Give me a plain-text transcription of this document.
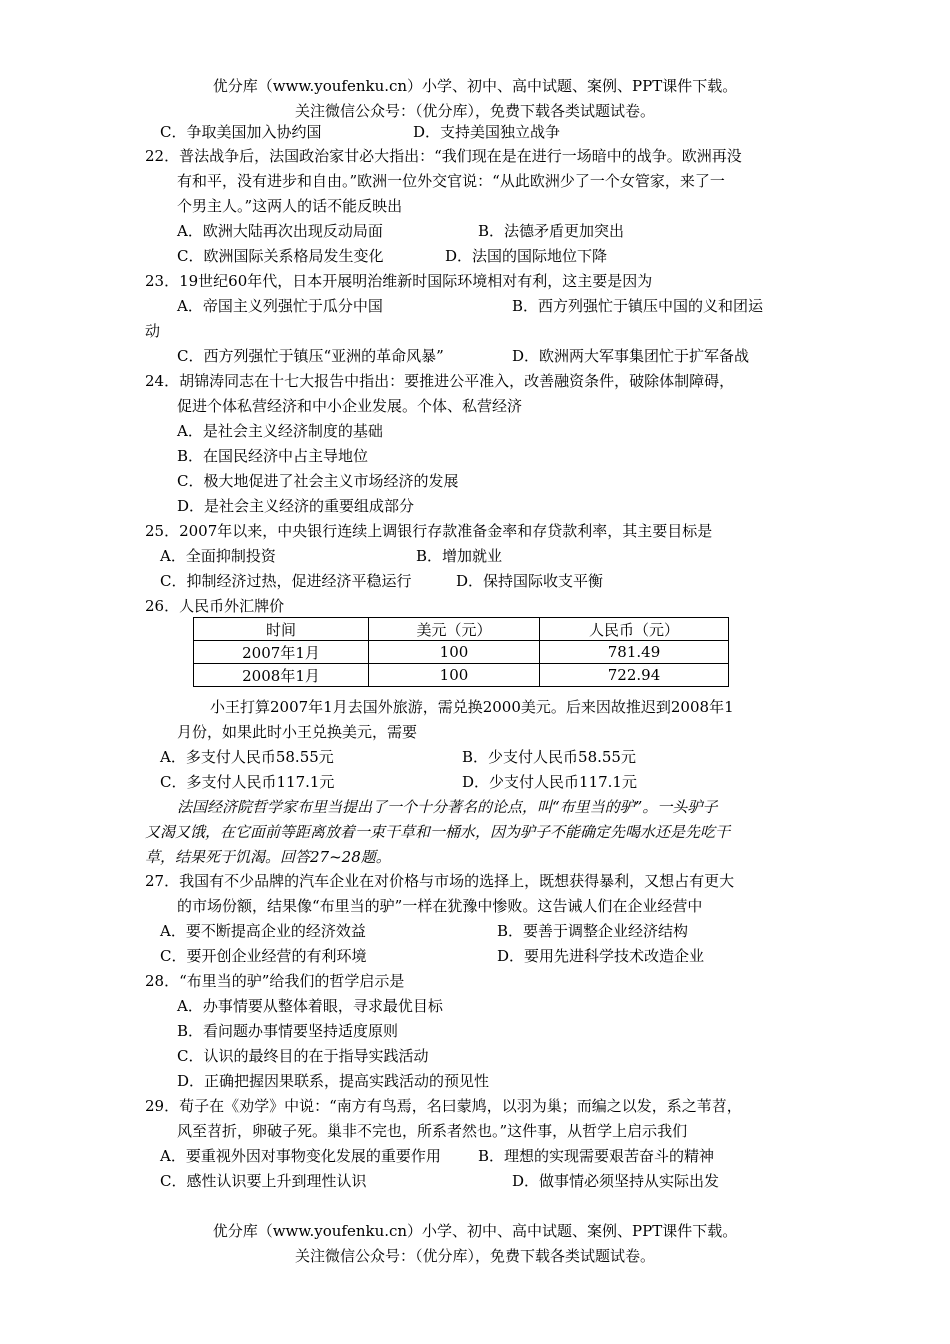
优分库（www.youfenku.cn）小学、初中、高中试题、案例、PPT课件下载。
关注微信公众号：（优分库），免费下载各类试题试卷。
C．争取美国加入协约国	D．支持美国独立战争
22．普法战争后，法国政治家甘必大指出：“我们现在是在进行一场暗中的战争。欧洲再没
有和平，没有进步和自由。”欧洲一位外交官说：“从此欧洲少了一个女管家，来了一
个男主人。”这两人的话不能反映出
A．欧洲大陆再次出现反动局面	B．法德矛盾更加突出
C．欧洲国际关系格局发生变化	D．法国的国际地位下降
23．19世纪60年代，日本开展明治维新时国际环境相对有利，这主要是因为
A．帝国主义列强忙于瓜分中国	B．西方列强忙于镇压中国的义和团运
动
C．西方列强忙于镇压“亚洲的革命风暴”	D．欧洲两大军事集团忙于扩军备战
24．胡锦涛同志在十七大报告中指出：要推进公平准入，改善融资条件，破除体制障碍，
促进个体私营经济和中小企业发展。个体、私营经济
A．是社会主义经济制度的基础
B．在国民经济中占主导地位
C．极大地促进了社会主义市场经济的发展
D．是社会主义经济的重要组成部分
25．2007年以来，中央银行连续上调银行存款准备金率和存贷款利率，其主要目标是
A．全面抑制投资	B．增加就业
C．抑制经济过热，促进经济平稳运行	D．保持国际收支平衡
26．人民币外汇牌价
时间	美元（元）	人民币（元）
2007年1月	100	781.49
2008年1月	100	722.94
小王打算2007年1月去国外旅游，需兑换2000美元。后来因故推迟到2008年1
月份，如果此时小王兑换美元，需要
A．多支付人民币58.55元	B．少支付人民币58.55元
C．多支付人民币117.1元	D．少支付人民币117.1元
法国经济院哲学家布里当提出了一个十分著名的论点，叫“布里当的驴”。一头驴子
又渴又饿，在它面前等距离放着一束干草和一桶水，因为驴子不能确定先喝水还是先吃干
草，结果死于饥渴。回答27~28题。
27．我国有不少品牌的汽车企业在对价格与市场的选择上，既想获得暴利，又想占有更大
的市场份额，结果像“布里当的驴”一样在犹豫中惨败。这告诫人们在企业经营中
A．要不断提高企业的经济效益	B．要善于调整企业经济结构
C．要开创企业经营的有利环境	D．要用先进科学技术改造企业
28．“布里当的驴”给我们的哲学启示是
A．办事情要从整体着眼，寻求最优目标
B．看问题办事情要坚持适度原则
C．认识的最终目的在于指导实践活动
D．正确把握因果联系，提高实践活动的预见性
29．荀子在《劝学》中说：“南方有鸟焉，名曰蒙鸠，以羽为巢；而编之以发，系之苇苕，
风至苕折，卵破子死。巢非不完也，所系者然也。”这件事，从哲学上启示我们
A．要重视外因对事物变化发展的重要作用 B．理想的实现需要艰苦奋斗的精神
C．感性认识要上升到理性认识	D．做事情必须坚持从实际出发
优分库（www.youfenku.cn）小学、初中、高中试题、案例、PPT课件下载。
关注微信公众号：（优分库），免费下载各类试题试卷。
